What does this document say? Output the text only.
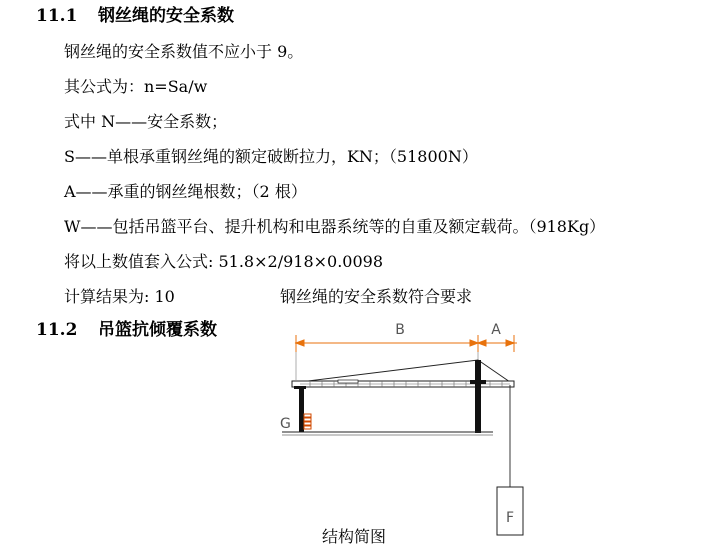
11.1 钢丝绳的安全系数
钢丝绳的安全系数值不应小于 9。
其公式为：n=Sa/w
式中 N——安全系数；
S——单根承重钢丝绳的额定破断拉力，KN；（51800N）
A——承重的钢丝绳根数；（2 根）
W——包括吊篮平台、提升机构和电器系统等的自重及额定载荷。（918Kg）
将以上数值套入公式: 51.8×2/918×0.0098
计算结果为: 10	钢丝绳的安全系数符合要求
11.2 吊篮抗倾覆系数	B	A
G
F
结构简图
